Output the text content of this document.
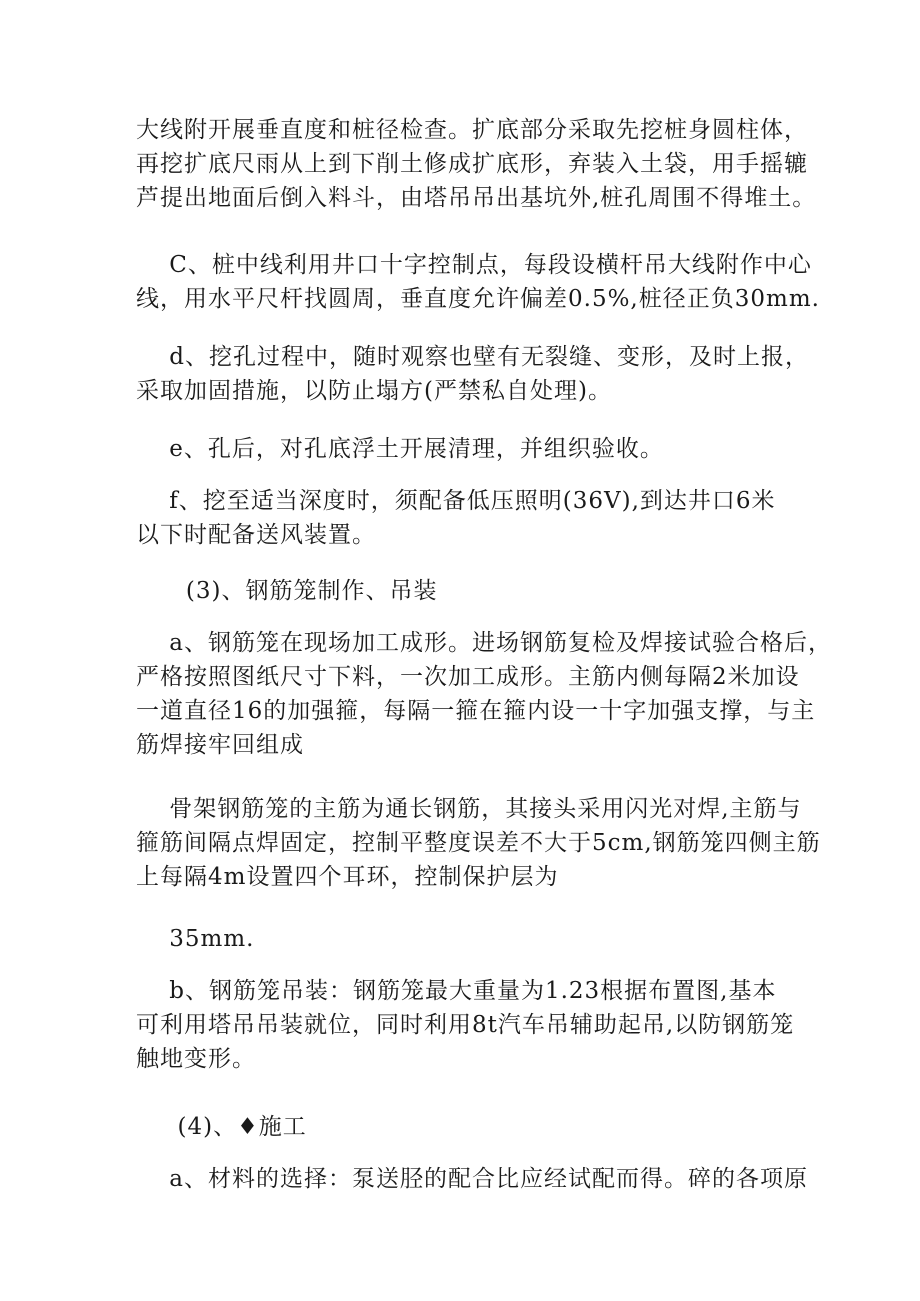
大线附开展垂直度和桩径检查。扩底部分采取先挖桩身圆柱体，
再挖扩底尺雨从上到下削土修成扩底形，弃装入土袋，用手摇辘
芦提出地面后倒入料斗，由塔吊吊出基坑外,桩孔周围不得堆土。
C、桩中线利用井口十字控制点，每段设横杆吊大线附作中心
线，用水平尺杆找圆周，垂直度允许偏差0.5%,桩径正负30mm.
d、挖孔过程中，随时观察也壁有无裂缝、变形，及时上报，
采取加固措施，以防止塌方(严禁私自处理)。
e、孔后，对孔底浮土开展清理，并组织验收。
f、挖至适当深度时，须配备低压照明(36V),到达井口6米
以下时配备送风装置。
(3)、钢筋笼制作、吊装
a、钢筋笼在现场加工成形。进场钢筋复检及焊接试验合格后，
严格按照图纸尺寸下料，一次加工成形。主筋内侧每隔2米加设
一道直径16的加强箍，每隔一箍在箍内设一十字加强支撑，与主
筋焊接牢回组成
骨架钢筋笼的主筋为通长钢筋，其接头采用闪光对焊,主筋与
箍筋间隔点焊固定，控制平整度误差不大于5cm,钢筋笼四侧主筋
上每隔4m设置四个耳环，控制保护层为
35mm.
b、钢筋笼吊装：钢筋笼最大重量为1.23根据布置图,基本
可利用塔吊吊装就位，同时利用8t汽车吊辅助起吊,以防钢筋笼
触地变形。
(4)、♦施工
a、材料的选择：泵送胫的配合比应经试配而得。碎的各项原
